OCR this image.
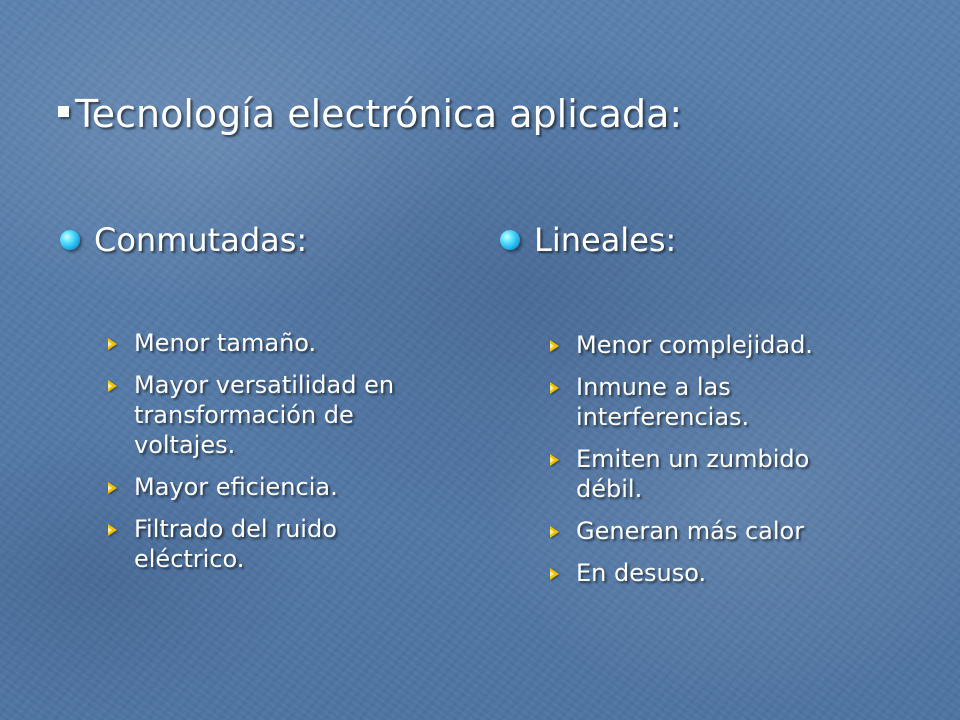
Tecnología electrónica aplicada:
Conmutadas:
Menor tamaño.
Mayor versatilidad en transformación de voltajes.
Mayor eficiencia.
Filtrado del ruido eléctrico.
Lineales:
Menor complejidad.
Inmune a las interferencias.
Emiten un zumbido débil.
Generan más calor
En desuso.
